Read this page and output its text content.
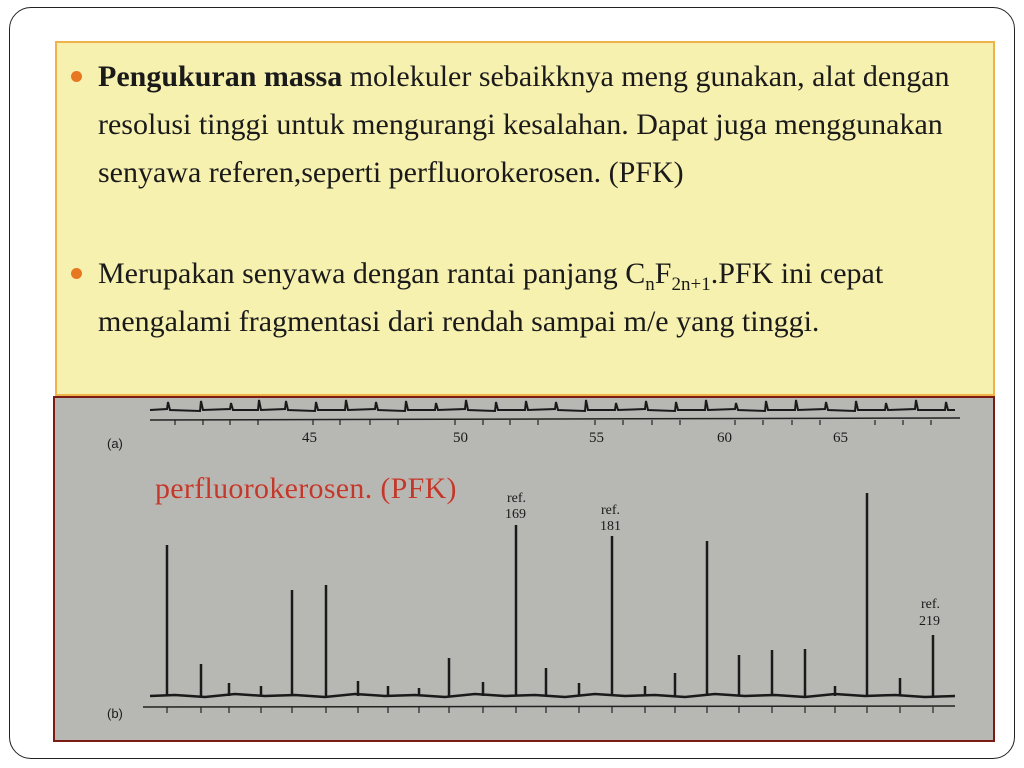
Pengukuran massa molekuler sebaikknya meng gunakan, alat dengan resolusi tinggi untuk mengurangi kesalahan. Dapat juga menggunakan senyawa referen,seperti perfluorokerosen. (PFK)
Merupakan senyawa dengan rantai panjang $C_nF_{2n+1}.PFK$ ini cepat mengalami fragmentasi dari rendah sampai m/e yang tinggi.
45	50	55	60	65
(a)
(b)
ref.
169	ref.
181
ref.
219
perfluorokerosen. (PFK)
